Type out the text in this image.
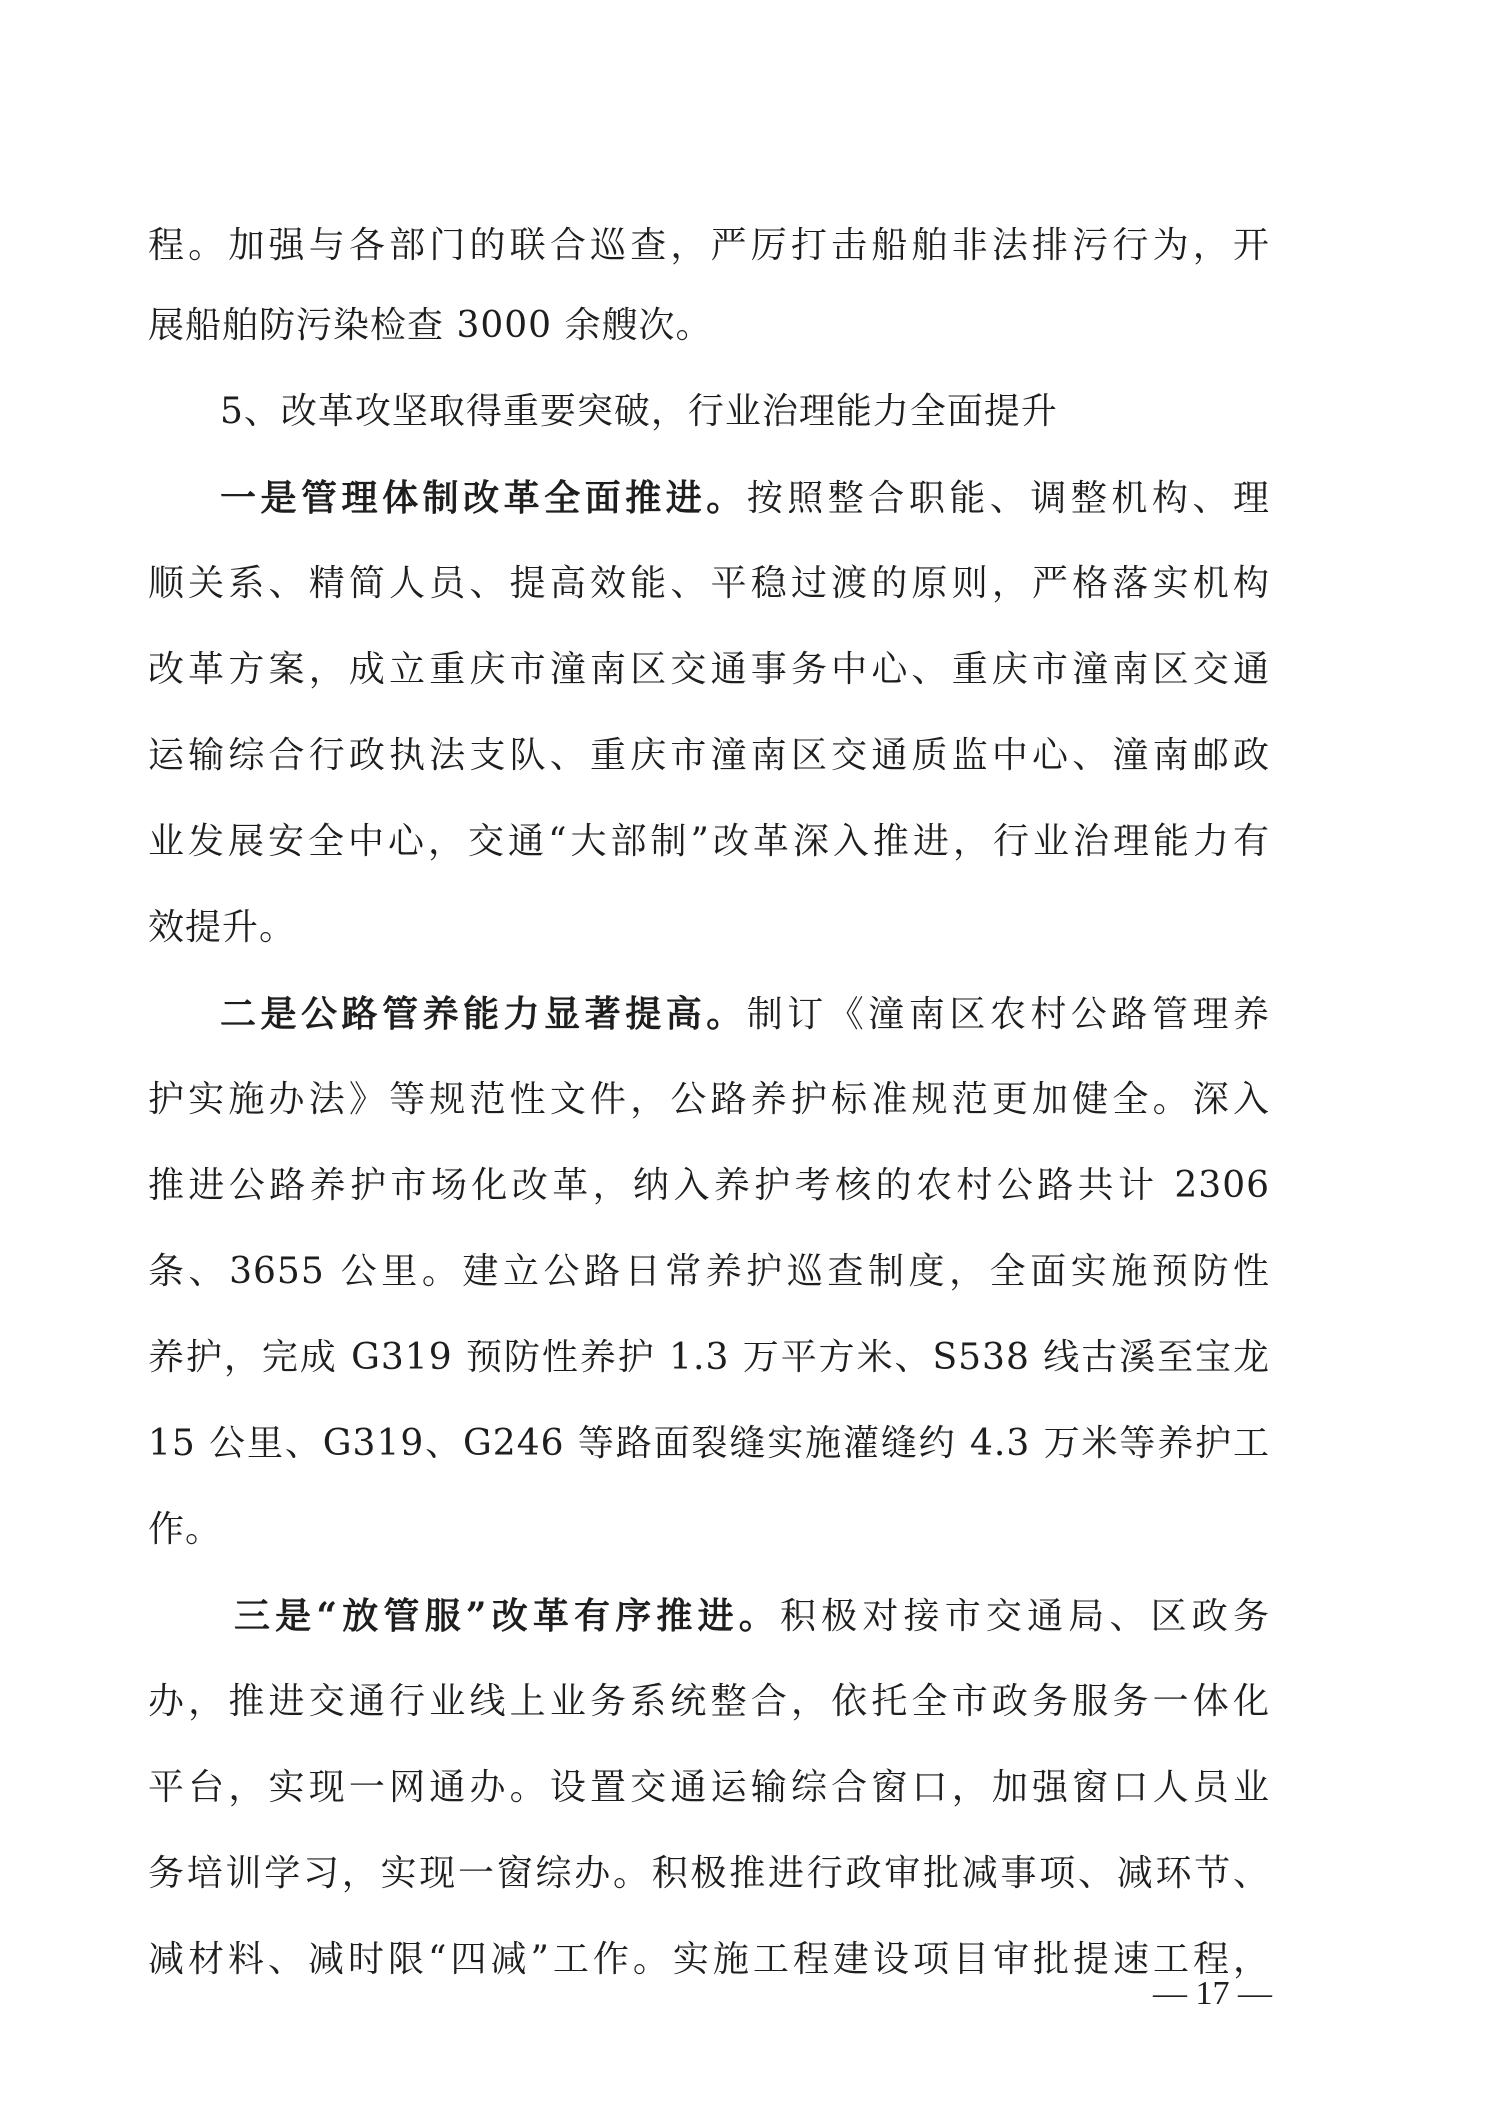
程。加强与各部门的联合巡查，严厉打击船舶非法排污行为，开
展船舶防污染检查 3000 余艘次。
5、改革攻坚取得重要突破，行业治理能力全面提升
一是管理体制改革全面推进。按照整合职能、调整机构、理
顺关系、精简人员、提高效能、平稳过渡的原则，严格落实机构
改革方案，成立重庆市潼南区交通事务中心、重庆市潼南区交通
运输综合行政执法支队、重庆市潼南区交通质监中心、潼南邮政
业发展安全中心，交通“大部制”改革深入推进，行业治理能力有
效提升。
二是公路管养能力显著提高。制订《潼南区农村公路管理养
护实施办法》等规范性文件，公路养护标准规范更加健全。深入
推进公路养护市场化改革，纳入养护考核的农村公路共计 2306
条、3655 公里。建立公路日常养护巡查制度，全面实施预防性
养护，完成 G319 预防性养护 1.3 万平方米、S538 线古溪至宝龙
15 公里、G319、G246 等路面裂缝实施灌缝约 4.3 万米等养护工
作。
三是“放管服”改革有序推进。积极对接市交通局、区政务
办，推进交通行业线上业务系统整合，依托全市政务服务一体化
平台，实现一网通办。设置交通运输综合窗口，加强窗口人员业
务培训学习，实现一窗综办。积极推进行政审批减事项、减环节、
减材料、减时限“四减”工作。实施工程建设项目审批提速工程，
— 17 —
